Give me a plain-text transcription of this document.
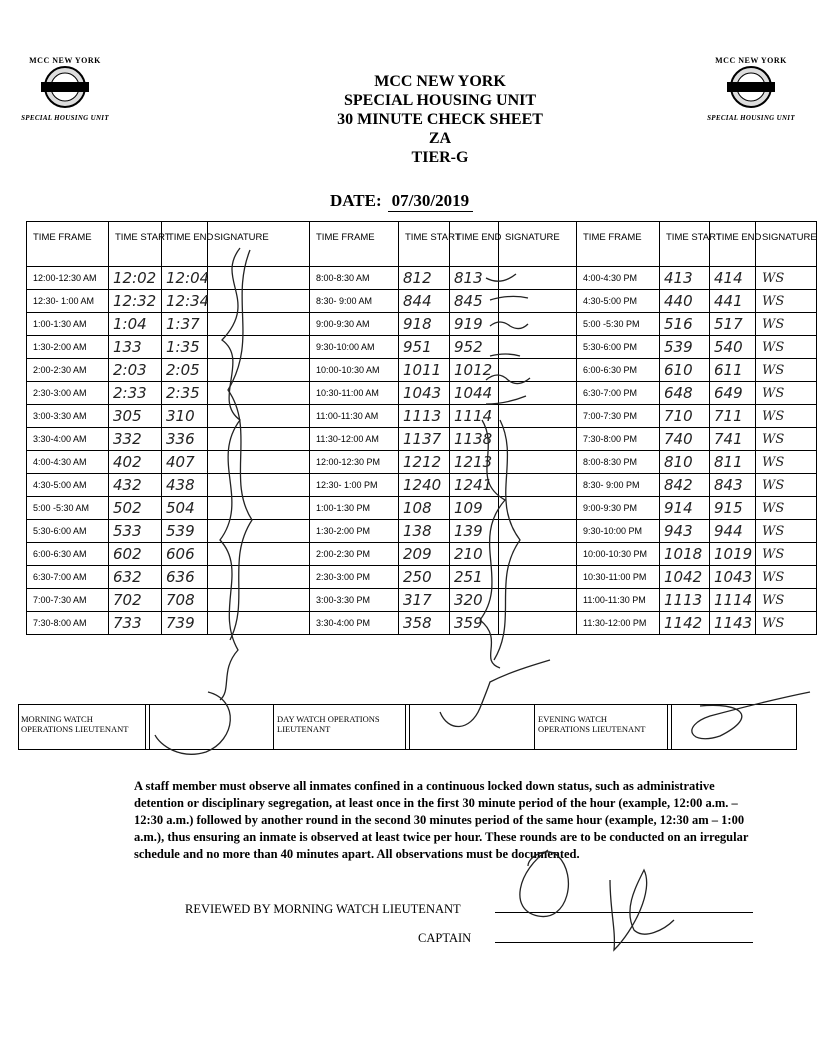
MCC NEW YORK
SPECIAL HOUSING UNIT
MCC NEW YORK
SPECIAL HOUSING UNIT
MCC NEW YORK
SPECIAL HOUSING UNIT
30 MINUTE CHECK SHEET
ZA
TIER-G
DATE: 07/30/2019
TIME FRAME	TIME START	TIME END	SIGNATURE	TIME FRAME	TIME START	TIME END	SIGNATURE	TIME FRAME	TIME START	TIME END	SIGNATURE
12:00-12:30 AM	12:02	12:04		8:00-8:30 AM	812	813		4:00-4:30 PM	413	414	WS
12:30- 1:00 AM	12:32	12:34		8:30- 9:00 AM	844	845		4:30-5:00 PM	440	441	WS
1:00-1:30 AM	1:04	1:37		9:00-9:30 AM	918	919		5:00 -5:30 PM	516	517	WS
1:30-2:00 AM	133	1:35		9:30-10:00 AM	951	952		5:30-6:00 PM	539	540	WS
2:00-2:30 AM	2:03	2:05		10:00-10:30 AM	1011	1012		6:00-6:30 PM	610	611	WS
2:30-3:00 AM	2:33	2:35		10:30-11:00 AM	1043	1044		6:30-7:00 PM	648	649	WS
3:00-3:30 AM	305	310		11:00-11:30 AM	1113	1114		7:00-7:30 PM	710	711	WS
3:30-4:00 AM	332	336		11:30-12:00 AM	1137	1138		7:30-8:00 PM	740	741	WS
4:00-4:30 AM	402	407		12:00-12:30 PM	1212	1213		8:00-8:30 PM	810	811	WS
4:30-5:00 AM	432	438		12:30- 1:00 PM	1240	1241		8:30- 9:00 PM	842	843	WS
5:00 -5:30 AM	502	504		1:00-1:30 PM	108	109		9:00-9:30 PM	914	915	WS
5:30-6:00 AM	533	539		1:30-2:00 PM	138	139		9:30-10:00 PM	943	944	WS
6:00-6:30 AM	602	606		2:00-2:30 PM	209	210		10:00-10:30 PM	1018	1019	WS
6:30-7:00 AM	632	636		2:30-3:00 PM	250	251		10:30-11:00 PM	1042	1043	WS
7:00-7:30 AM	702	708		3:00-3:30 PM	317	320		11:00-11:30 PM	1113	1114	WS
7:30-8:00 AM	733	739		3:30-4:00 PM	358	359		11:30-12:00 PM	1142	1143	WS
MORNING WATCH OPERATIONS LIEUTENANT
DAY WATCH OPERATIONS LIEUTENANT
EVENING WATCH OPERATIONS LIEUTENANT
A staff member must observe all inmates confined in a continuous locked down status, such as administrative detention or disciplinary segregation, at least once in the first 30 minute period of the hour (example, 12:00 a.m. – 12:30 a.m.) followed by another round in the second 30 minutes period of the same hour (example, 12:30 am – 1:00 a.m.), thus ensuring an inmate is observed at least twice per hour. These rounds are to be conducted on an irregular schedule and no more than 40 minutes apart. All observations must be documented.
REVIEWED BY MORNING WATCH LIEUTENANT
CAPTAIN
